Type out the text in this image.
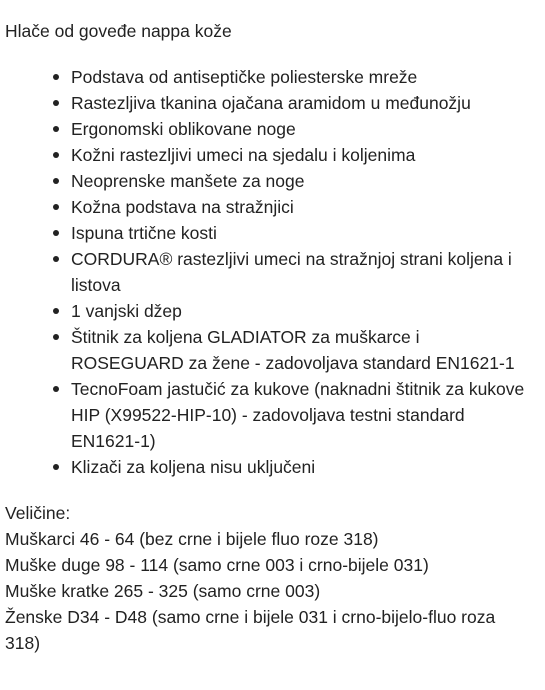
Hlače od goveđe nappa kože

Podstava od antiseptičke poliesterske mreže
Rastezljiva tkanina ojačana aramidom u međunožju
Ergonomski oblikovane noge
Kožni rastezljivi umeci na sjedalu i koljenima
Neoprenske manšete za noge
Kožna podstava na stražnjici
Ispuna trtične kosti
CORDURA® rastezljivi umeci na stražnjoj strani koljena i listova
1 vanjski džep
Štitnik za koljena GLADIATOR za muškarce i ROSEGUARD za žene - zadovoljava standard EN1621-1
TecnoFoam jastučić za kukove (naknadni štitnik za kukove HIP (X99522-HIP-10) - zadovoljava testni standard EN1621-1)
Klizači za koljena nisu uključeni

Veličine:

Muškarci 46 - 64 (bez crne i bijele fluo roze 318)

Muške duge 98 - 114 (samo crne 003 i crno-bijele 031)

Muške kratke 265 - 325 (samo crne 003)

Ženske D34 - D48 (samo crne i bijele 031 i crno-bijelo-fluo roza 318)
